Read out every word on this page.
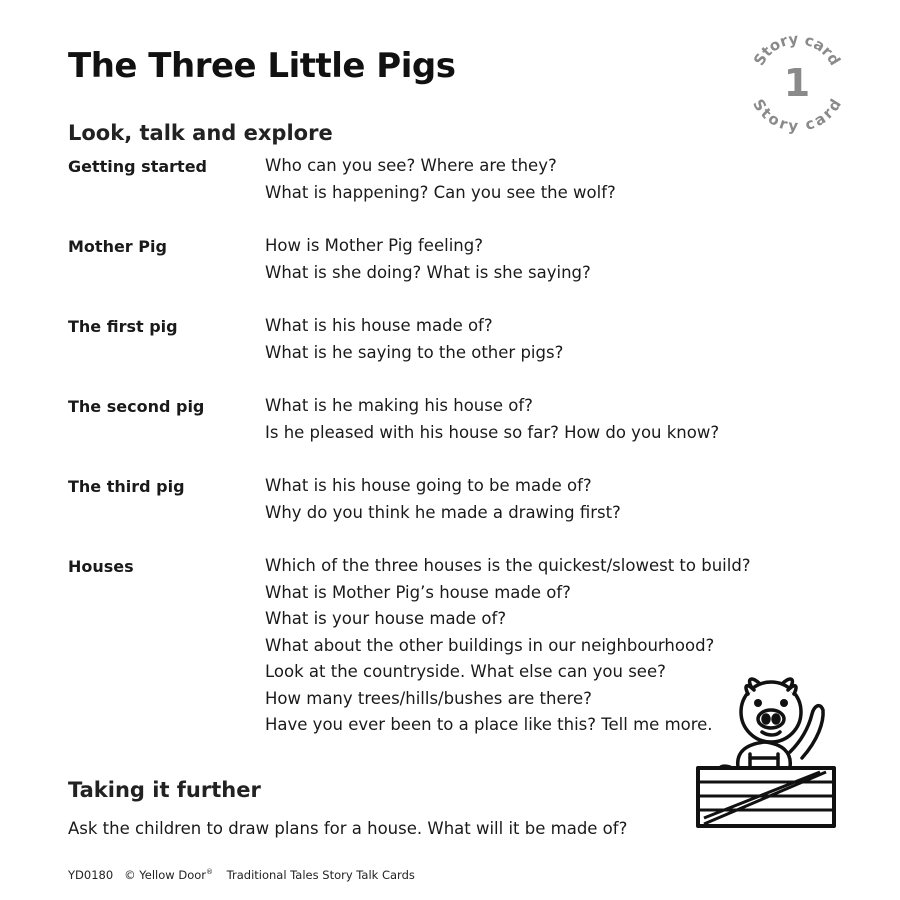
The Three Little Pigs	Story card
Story card
1
Look, talk and explore
Getting started	Who can you see? Where are they?
What is happening? Can you see the wolf?
Mother Pig	How is Mother Pig feeling?
What is she doing? What is she saying?
The first pig	What is his house made of?
What is he saying to the other pigs?
The second pig	What is he making his house of?
Is he pleased with his house so far? How do you know?
The third pig	What is his house going to be made of?
Why do you think he made a drawing first?
Houses	Which of the three houses is the quickest/slowest to build?
What is Mother Pig’s house made of?
What is your house made of?
What about the other buildings in our neighbourhood?
Look at the countryside. What else can you see?
How many trees/hills/bushes are there?
Have you ever been to a place like this? Tell me more.
Taking it further
Ask the children to draw plans for a house. What will it be made of?
YD0180 © Yellow Door® Traditional Tales Story Talk Cards
